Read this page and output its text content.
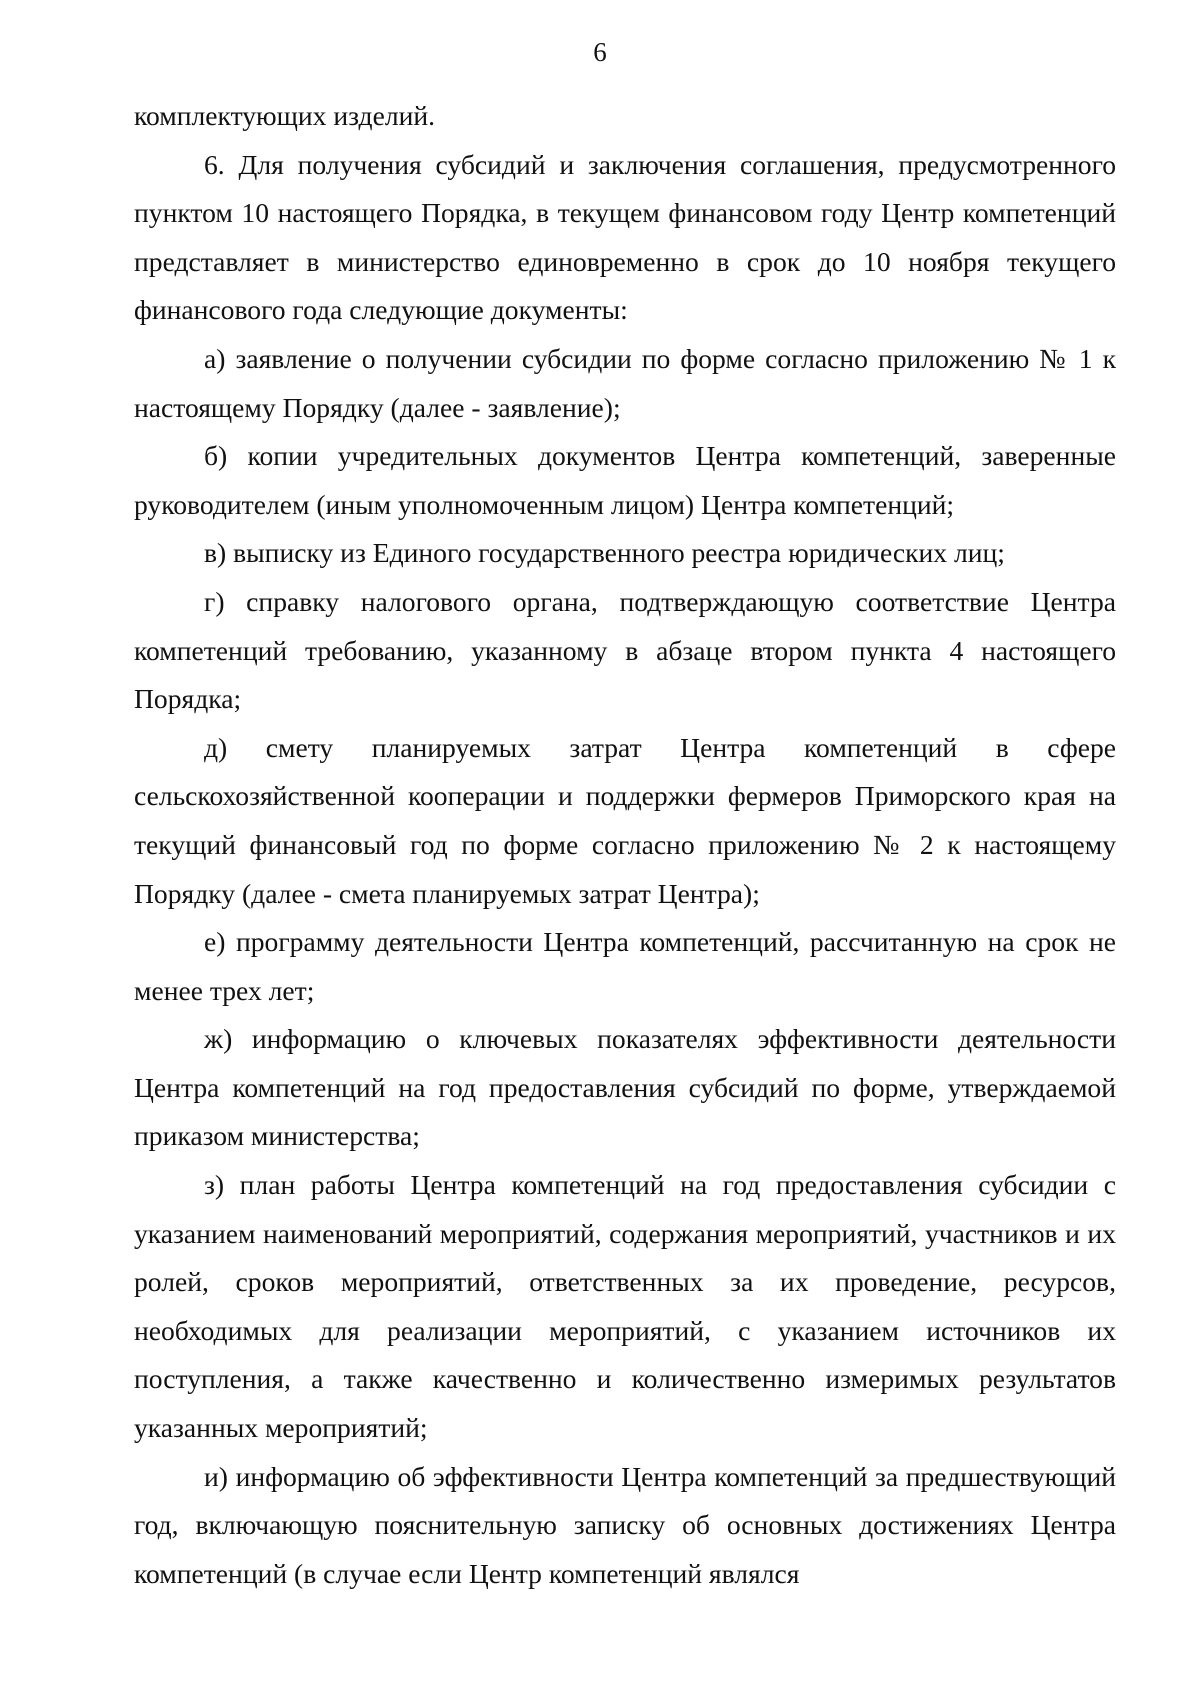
6

комплектующих изделий.

6. Для получения субсидий и заключения соглашения, предусмотренного пунктом 10 настоящего Порядка, в текущем финансовом году Центр компетенций представляет в министерство единовременно в срок до 10 ноября текущего финансового года следующие документы:

а) заявление о получении субсидии по форме согласно приложению № 1 к настоящему Порядку (далее - заявление);

б) копии учредительных документов Центра компетенций, заверенные руководителем (иным уполномоченным лицом) Центра компетенций;

в) выписку из Единого государственного реестра юридических лиц;

г) справку налогового органа, подтверждающую соответствие Центра компетенций требованию, указанному в абзаце втором пункта 4 настоящего Порядка;

д) смету планируемых затрат Центра компетенций в сфере сельскохозяйственной кооперации и поддержки фермеров Приморского края на текущий финансовый год по форме согласно приложению № 2 к настоящему Порядку (далее - смета планируемых затрат Центра);

е) программу деятельности Центра компетенций, рассчитанную на срок не менее трех лет;

ж) информацию о ключевых показателях эффективности деятельности Центра компетенций на год предоставления субсидий по форме, утверждаемой приказом министерства;

з) план работы Центра компетенций на год предоставления субсидии с указанием наименований мероприятий, содержания мероприятий, участников и их ролей, сроков мероприятий, ответственных за их проведение, ресурсов, необходимых для реализации мероприятий, с указанием источников их поступления, а также качественно и количественно измеримых результатов указанных мероприятий;

и) информацию об эффективности Центра компетенций за предшествующий год, включающую пояснительную записку об основных достижениях Центра компетенций (в случае если Центр компетенций являлся
